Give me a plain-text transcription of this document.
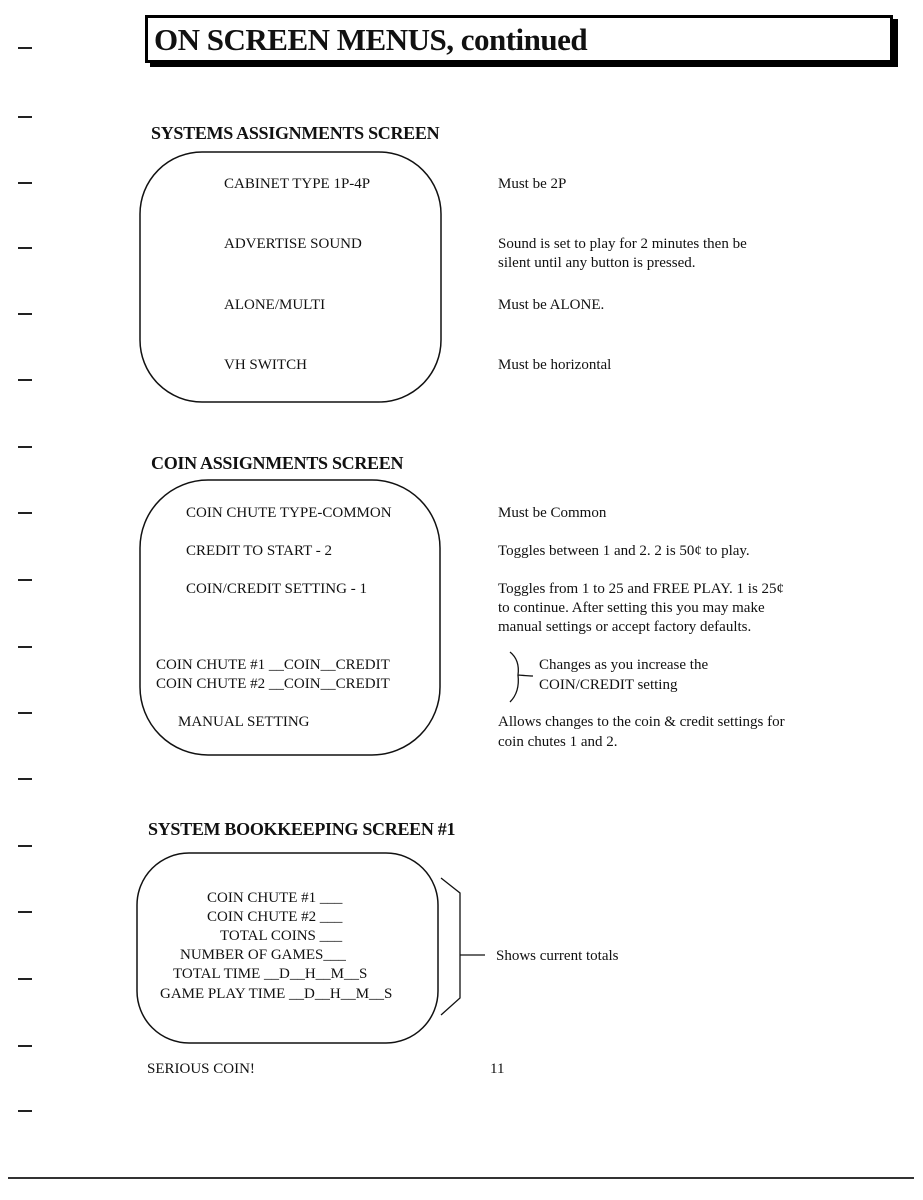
ON SCREEN MENUS, continued
SYSTEMS ASSIGNMENTS SCREEN
CABINET TYPE 1P-4P	Must be 2P
ADVERTISE SOUND	Sound is set to play for 2 minutes then be
silent until any button is pressed.
ALONE/MULTI	Must be ALONE.
VH SWITCH	Must be horizontal
COIN ASSIGNMENTS SCREEN
COIN CHUTE TYPE-COMMON	Must be Common
CREDIT TO START - 2	Toggles between 1 and 2. 2 is 50¢ to play.
COIN/CREDIT SETTING - 1	Toggles from 1 to 25 and FREE PLAY. 1 is 25¢
to continue. After setting this you may make
manual settings or accept factory defaults.
COIN CHUTE #1 __COIN__CREDIT
COIN CHUTE #2 __COIN__CREDIT
Changes as you increase the
COIN/CREDIT setting
MANUAL SETTING	Allows changes to the coin & credit settings for
coin chutes 1 and 2.
SYSTEM BOOKKEEPING SCREEN #1
COIN CHUTE #1 ___
COIN CHUTE #2 ___
TOTAL COINS ___
NUMBER OF GAMES___
TOTAL TIME __D__H__M__S
GAME PLAY TIME __D__H__M__S
Shows current totals
SERIOUS COIN!	11
